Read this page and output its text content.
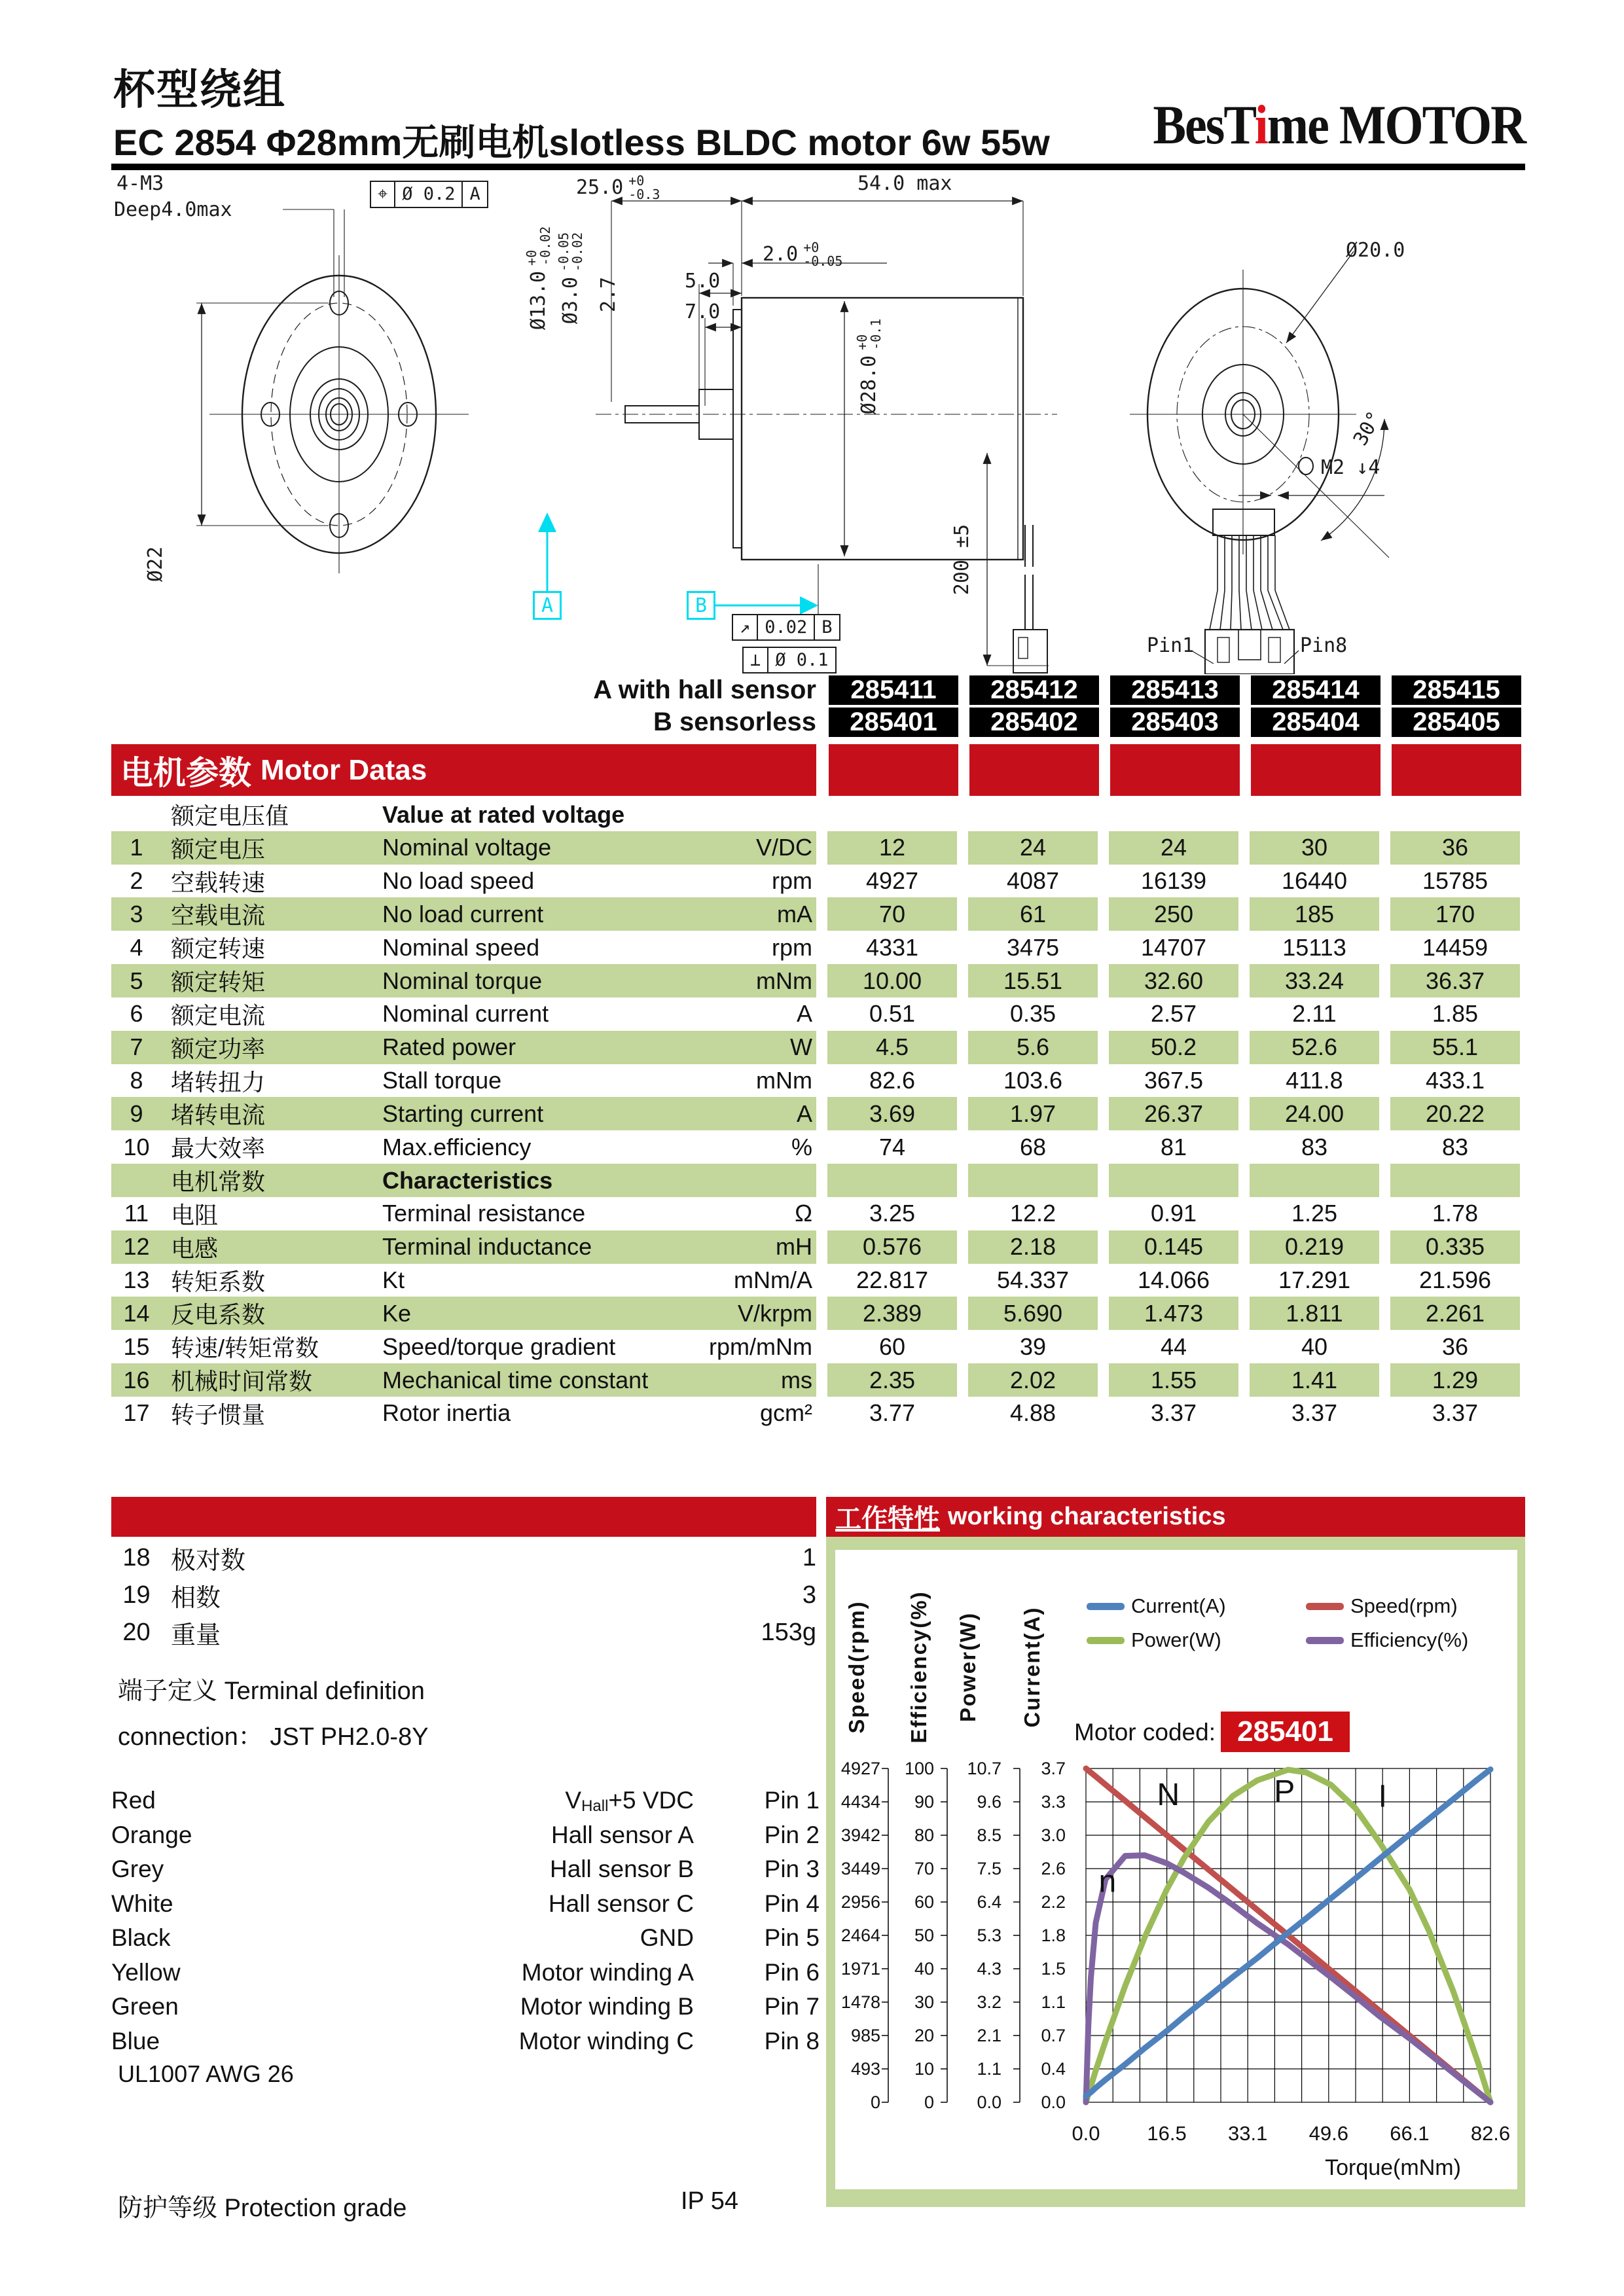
杯型绕组
EC 2854 Φ28mm无刷电机slotless BLDC motor 6w 55w BesTime MOTOR
4-M3
Deep4.0max
Ø22
25.0 +0
-0.3	54.0 max
2.0 +0
-0.05
5.0
7.0
Ø13.0
+0
-0.02
Ø3.0
-0.05
-0.02
2.7
Ø28.0
+0
-0.1
200 ±5
Ø20.0
30°
M2 ↓4
Pin1	Pin8
⌖ Ø 0.2 A
↗ 0.02 B
⊥ Ø 0.1
A	B
A with hall sensor	285411	285412	285413	285414	285415
B sensorless	285401	285402	285403	285404	285405
电机参数 Motor Datas
额定电压值	Value at rated voltage
1	额定电压	Nominal voltage	V/DC	12	24	24	30	36
2	空载转速	No load speed	rpm	4927	4087	16139	16440	15785
3	空载电流	No load current	mA	70	61	250	185	170
4	额定转速	Nominal speed	rpm	4331	3475	14707	15113	14459
5	额定转矩	Nominal torque	mNm	10.00	15.51	32.60	33.24	36.37
6	额定电流	Nominal current	A	0.51	0.35	2.57	2.11	1.85
7	额定功率	Rated power	W	4.5	5.6	50.2	52.6	55.1
8	堵转扭力	Stall torque	mNm	82.6	103.6	367.5	411.8	433.1
9	堵转电流	Starting current	A	3.69	1.97	26.37	24.00	20.22
10 最大效率	Max.efficiency	%	74	68	81	83	83
电机常数	Characteristics
11 电阻	Terminal resistance	Ω	3.25	12.2	0.91	1.25	1.78
12 电感	Terminal inductance	mH	0.576	2.18	0.145	0.219	0.335
13 转矩系数	Kt	mNm/A	22.817	54.337	14.066	17.291	21.596
14 反电系数	Ke	V/krpm	2.389	5.690	1.473	1.811	2.261
15 转速/转矩常数	Speed/torque gradient	rpm/mNm	60	39	44	40	36
16 机械时间常数	Mechanical time constant	ms	2.35	2.02	1.55	1.41	1.29
17 转子惯量	Rotor inertia	gcm²	3.77	4.88	3.37	3.37	3.37
18 极对数	1
19 相数	3
20 重量	153g
端子定义 Terminal definition
connection： JST PH2.0-8Y
Red	V Hall +5 VDC	Pin 1
Orange	Hall sensor A	Pin 2
Grey	Hall sensor B	Pin 3
White	Hall sensor C	Pin 4
Black	GND	Pin 5
Yellow	Motor winding A	Pin 6
Green	Motor winding B	Pin 7
Blue	Motor winding C	Pin 8
UL1007 AWG 26
防护等级 Protection grade	IP 54
工作特性 working characteristics
0
493
985
1478
1971
2464
2956
3449
3942
4434
4927
0
10
20
30
40
50
60
70
80
90
100
0.0
1.1
2.1
3.2
4.3
5.3
6.4
7.5
8.5
9.6
10.7
0.0
0.4
0.7
1.1
1.5
1.8
2.2
2.6
3.0
3.3
3.7
0.0 16.5 33.1 49.6 66.1 82.6
N	P	I
n
Speed(rpm) Efficiency(%) Power(W) Current(A)
Current(A)	Speed(rpm)
Power(W)	Efficiency(%)
Motor coded: 285401
Torque(mNm)
